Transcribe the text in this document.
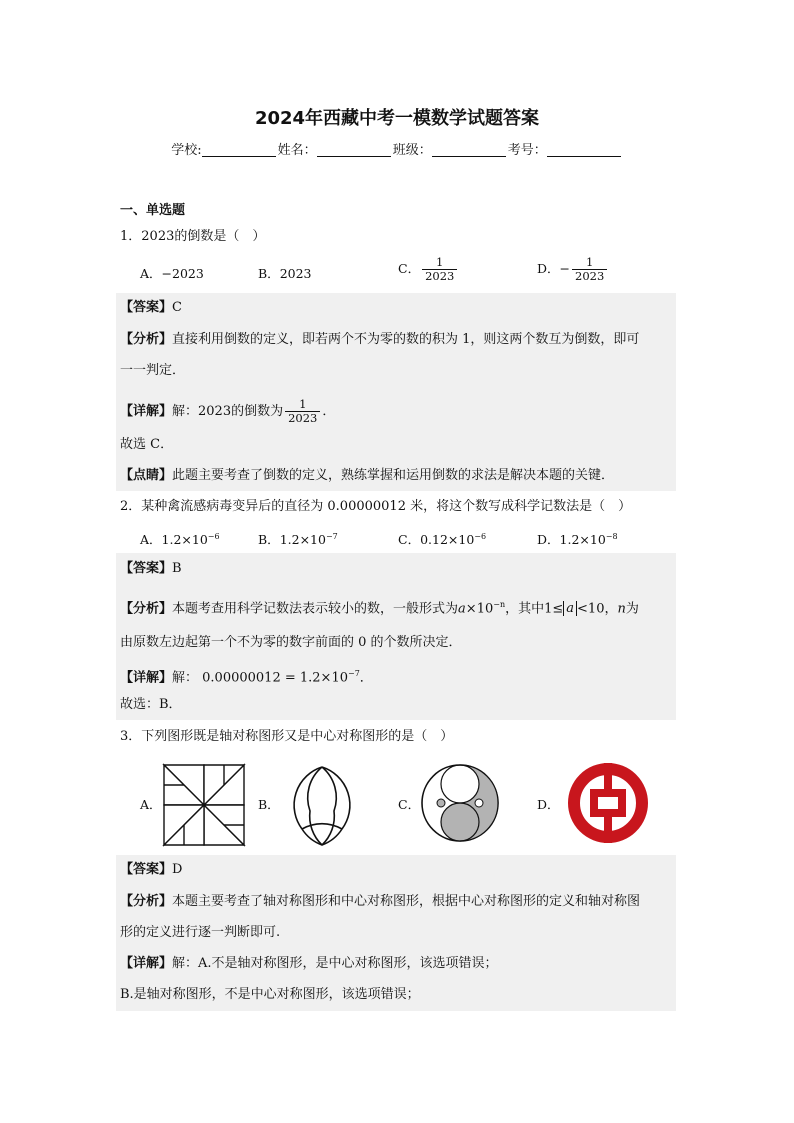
2024年西藏中考一模数学试题答案
学校:	姓名：	班级：	考号：
一、单选题
1．2023的倒数是（　）
A．−2023	B．2023	C． $\frac{1}{2023}$	D．− $\frac{1}{2023}$
【答案】C
【分析】直接利用倒数的定义，即若两个不为零的数的积为 1，则这两个数互为倒数，即可
一一判定．
【详解】解：2023的倒数为 $\frac{1}{2023}$ ．
故选 C．
【点睛】此题主要考查了倒数的定义，熟练掌握和运用倒数的求法是解决本题的关键．
2．某种禽流感病毒变异后的直径为 0.00000012 米，将这个数写成科学记数法是（　）
A．$1.2\times 10^{-6}$	B．$1.2\times 10^{-7}$	C．$0.12\times 10^{-6}$	D．$1.2\times 10^{-8}$
【答案】B
【分析】本题考查用科学记数法表示较小的数，一般形式为$a\times 10^{-n}$，其中1≤ a <10，n为
由原数左边起第一个不为零的数字前面的 0 的个数所决定．
【详解】解： $0.00000012 = 1.2\times 10^{-7}$．
故选：B．
3．下列图形既是轴对称图形又是中心对称图形的是（　）
A．	B．	C．	D．
【答案】D
【分析】本题主要考查了轴对称图形和中心对称图形，根据中心对称图形的定义和轴对称图
形的定义进行逐一判断即可.
【详解】解：A.不是轴对称图形，是中心对称图形，该选项错误；
B.是轴对称图形，不是中心对称图形，该选项错误；
